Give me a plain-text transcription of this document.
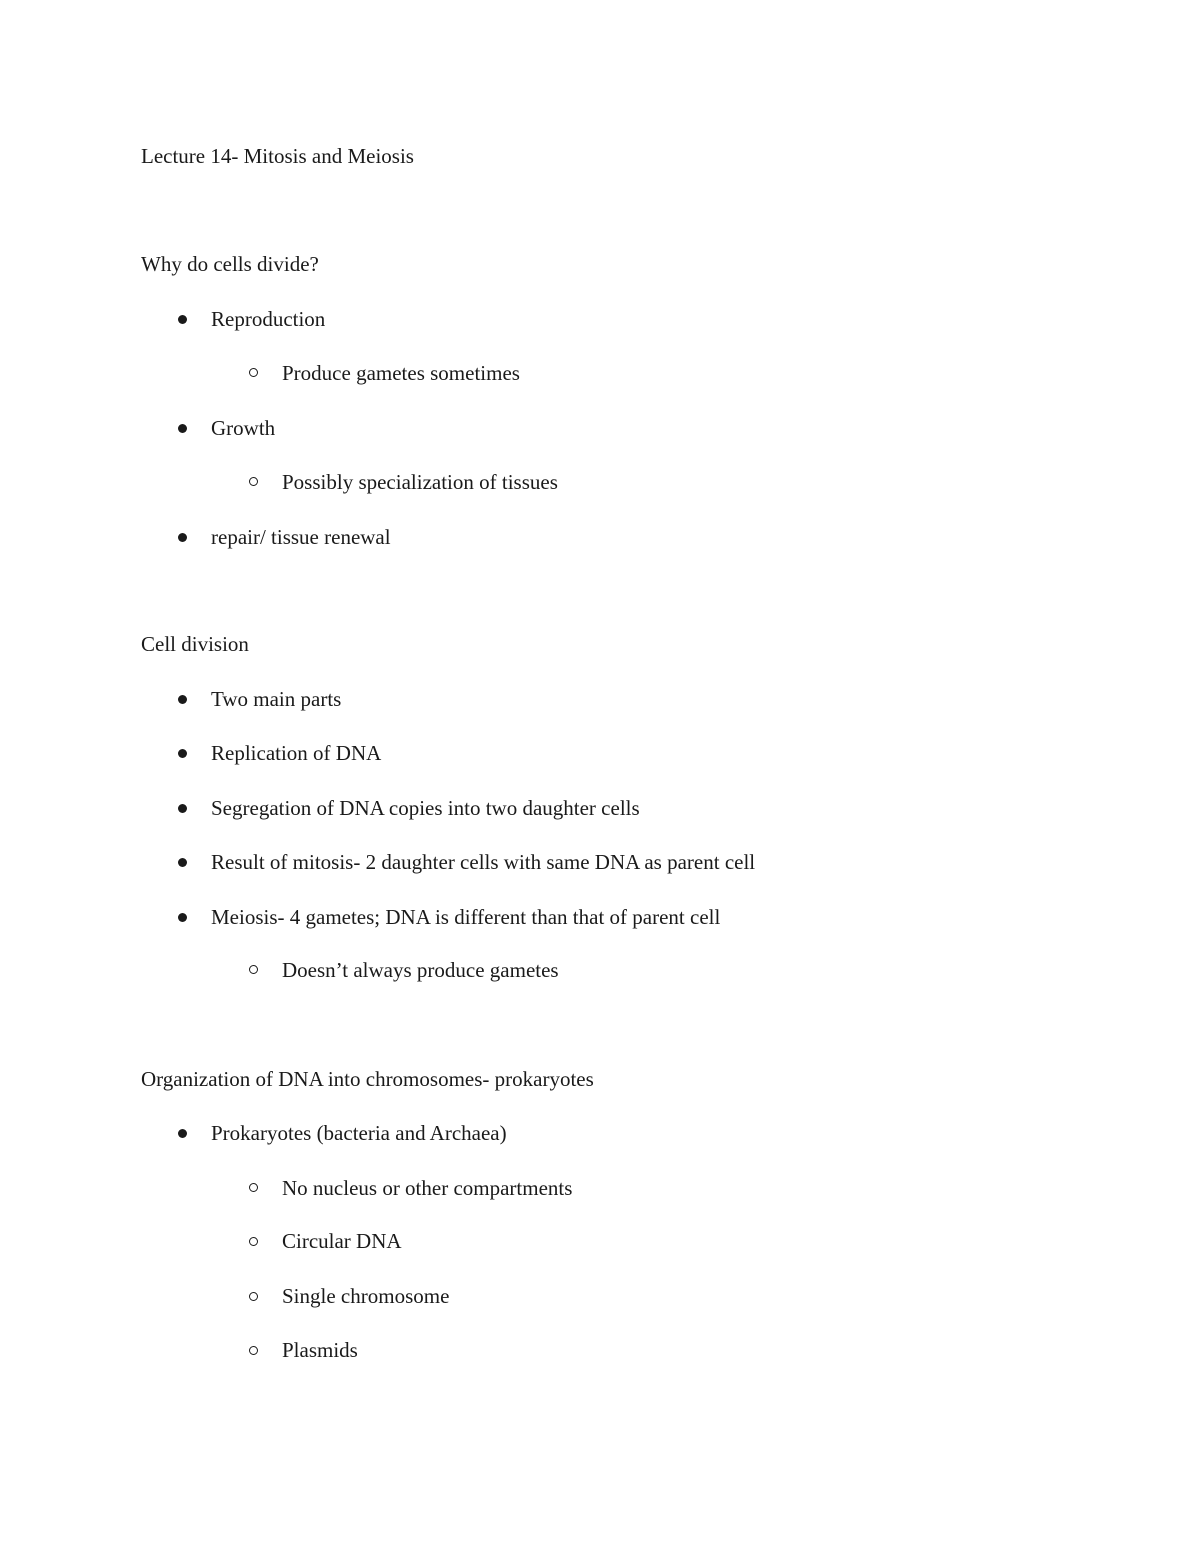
Lecture 14- Mitosis and Meiosis
Why do cells divide?
Reproduction
Produce gametes sometimes
Growth
Possibly specialization of tissues
repair/ tissue renewal
Cell division
Two main parts
Replication of DNA
Segregation of DNA copies into two daughter cells
Result of mitosis- 2 daughter cells with same DNA as parent cell
Meiosis- 4 gametes; DNA is different than that of parent cell
Doesn’t always produce gametes
Organization of DNA into chromosomes- prokaryotes
Prokaryotes (bacteria and Archaea)
No nucleus or other compartments
Circular DNA
Single chromosome
Plasmids
